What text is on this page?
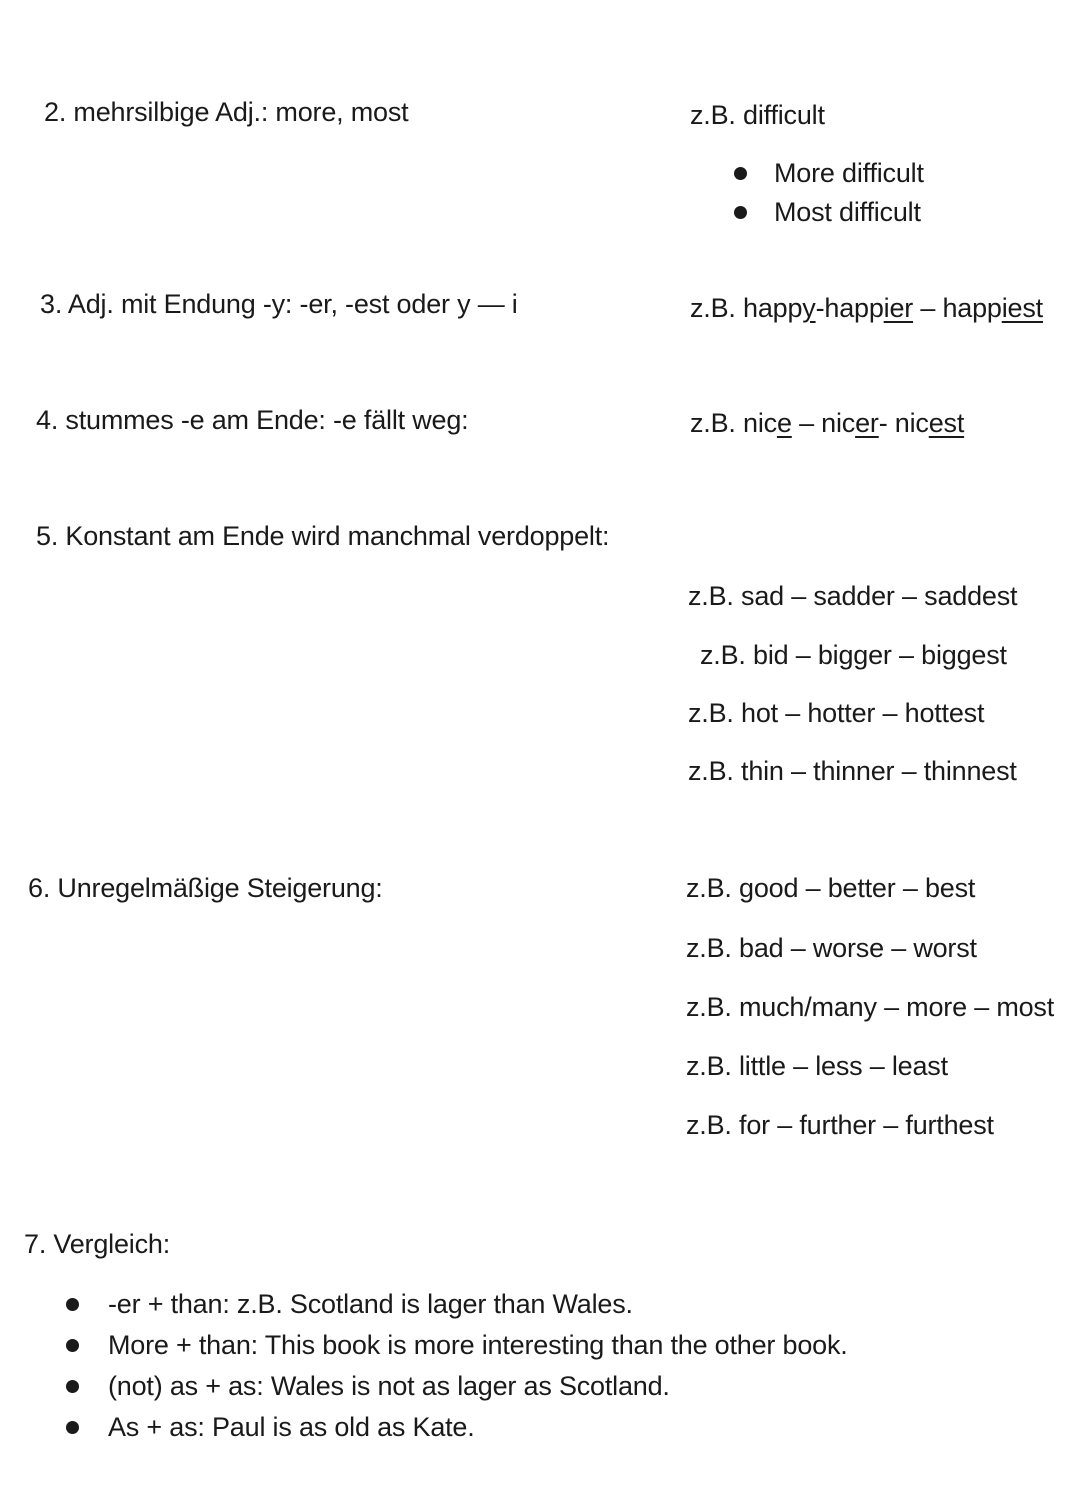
2. mehrsilbige Adj.: more, most	z.B. difficult
More difficult
Most difficult
3. Adj. mit Endung -y: -er, -est oder y — i	z.B. happy-happier – happiest
4. stummes -e am Ende: -e fällt weg:	z.B. nice – nicer- nicest
5. Konstant am Ende wird manchmal verdoppelt:
z.B. sad – sadder – saddest
z.B. bid – bigger – biggest
z.B. hot – hotter – hottest
z.B. thin – thinner – thinnest
6. Unregelmäßige Steigerung:	z.B. good – better – best
z.B. bad – worse – worst
z.B. much/many – more – most
z.B. little – less – least
z.B. for – further – furthest
7. Vergleich:
-er + than: z.B. Scotland is lager than Wales.
More + than: This book is more interesting than the other book.
(not) as + as: Wales is not as lager as Scotland.
As + as: Paul is as old as Kate.
